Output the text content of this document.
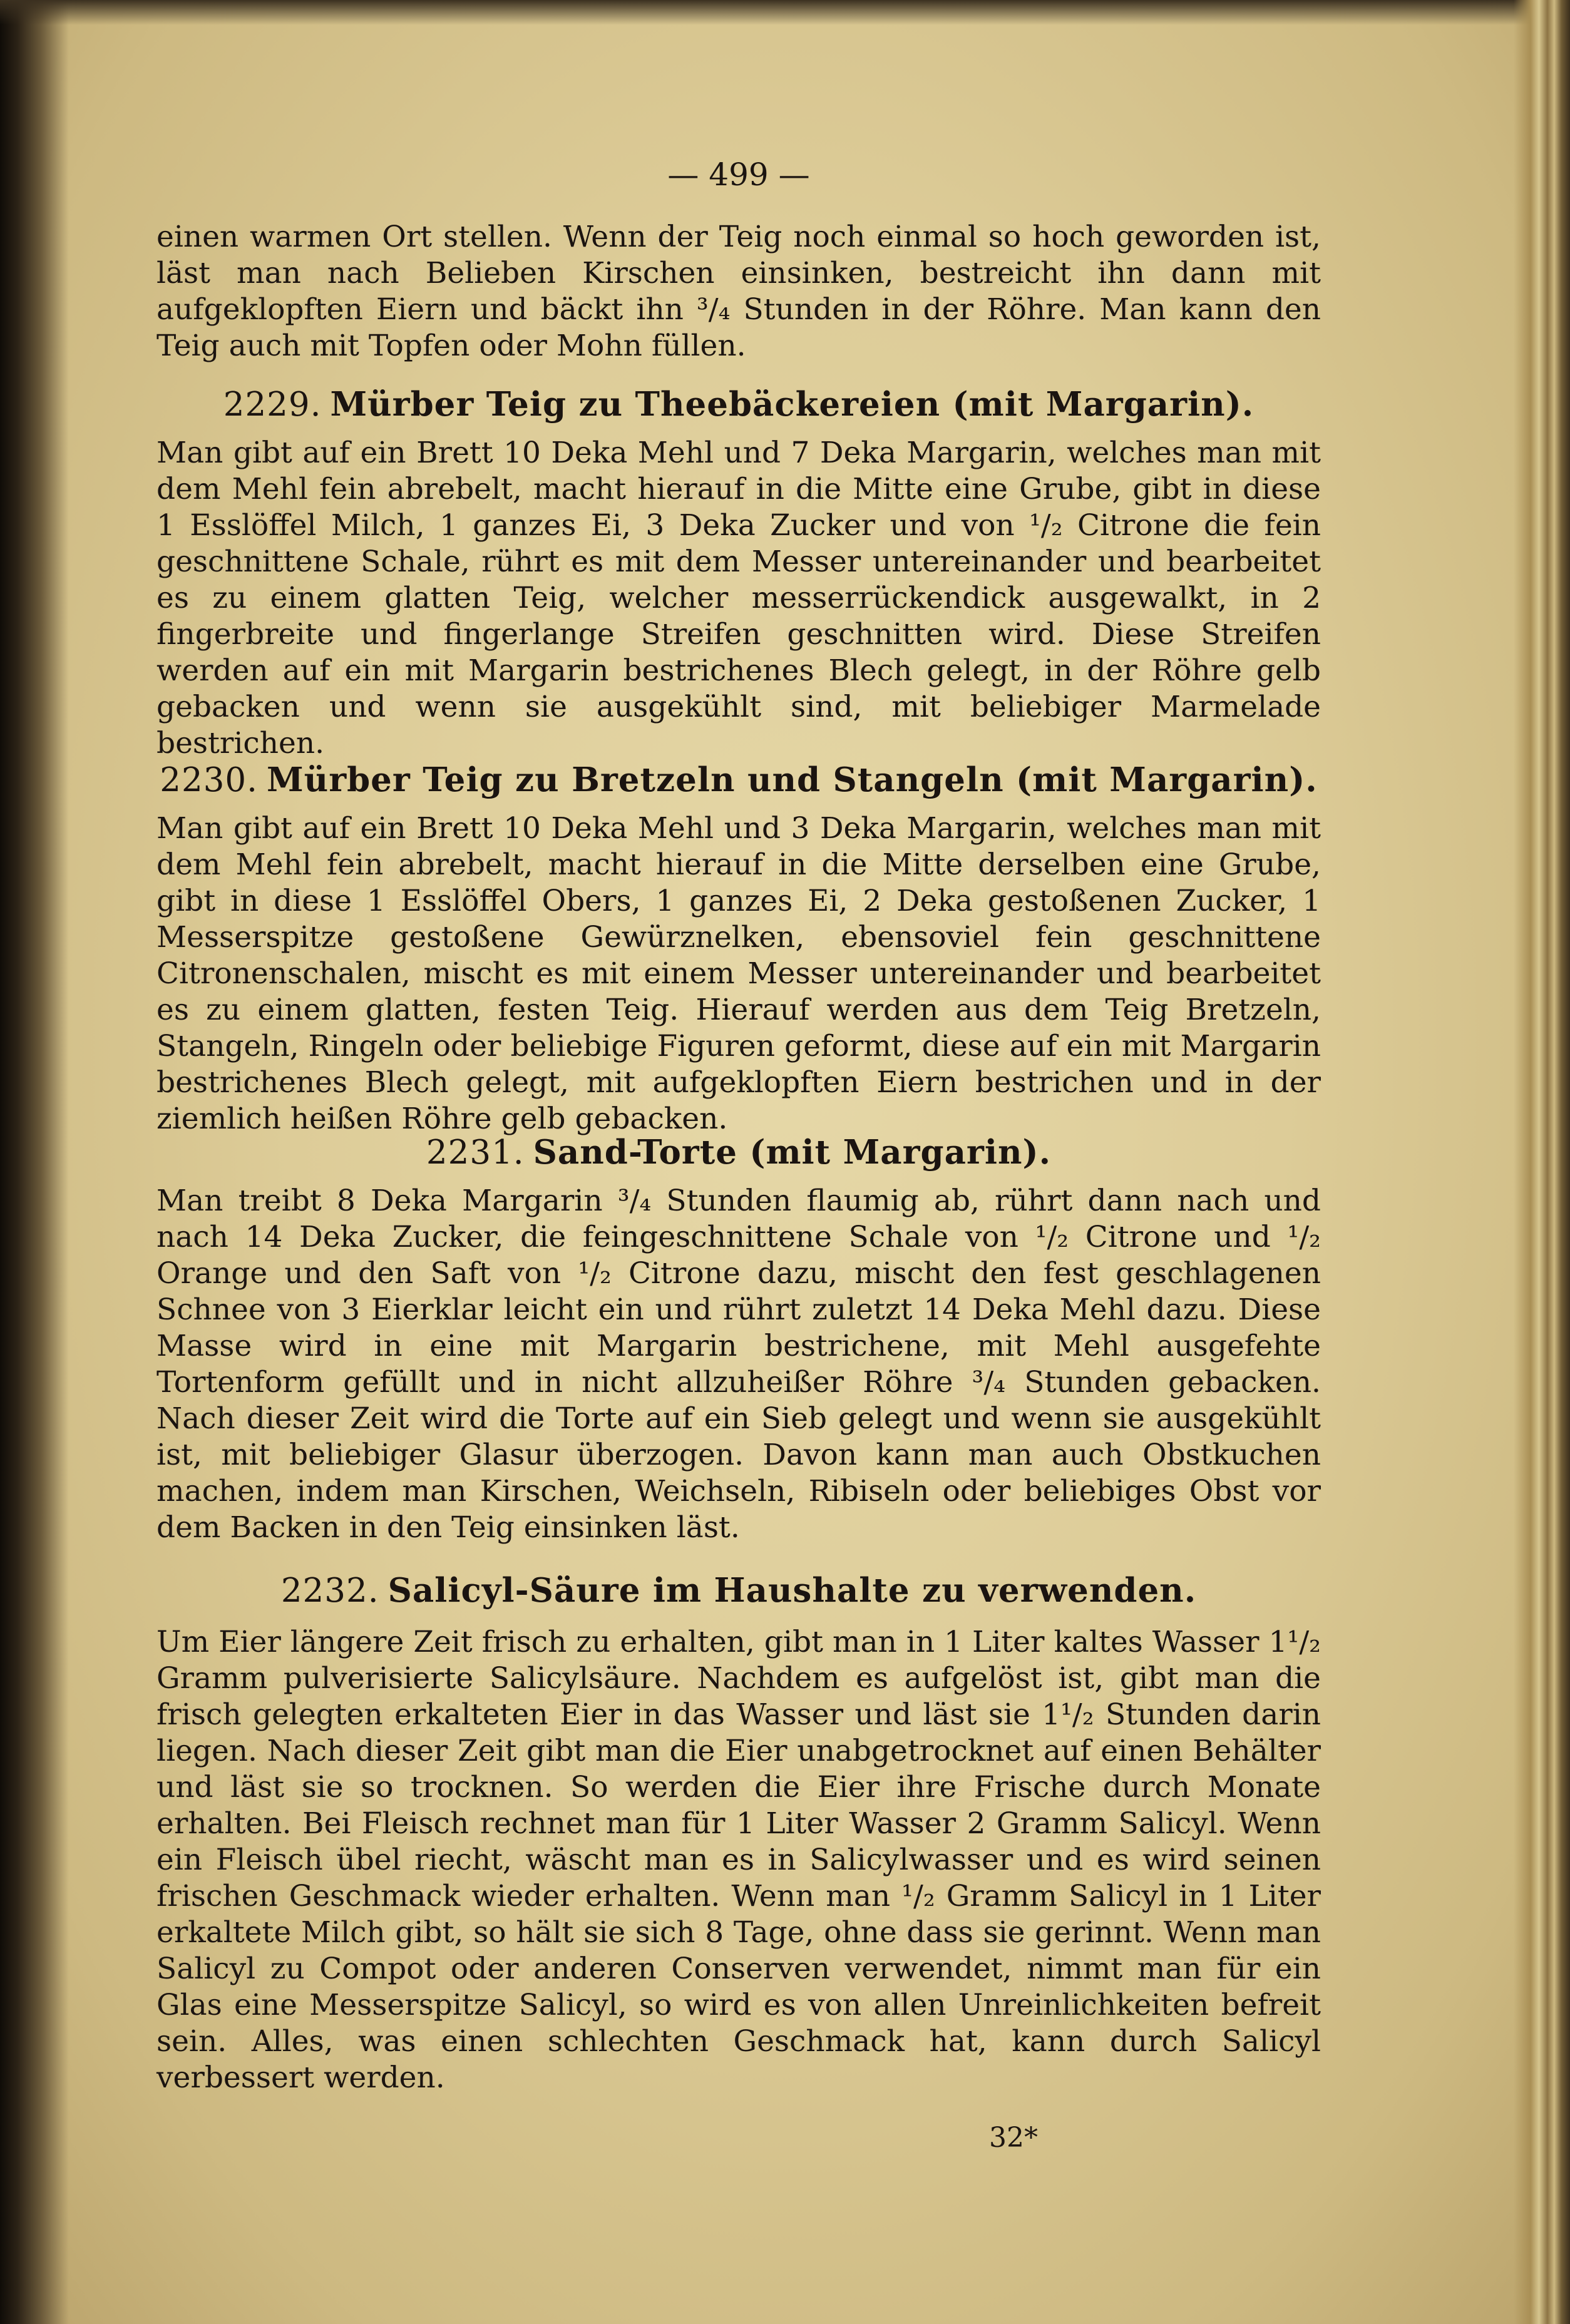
— 499 —

einen warmen Ort stellen. Wenn der Teig noch einmal so hoch geworden ist, läst man nach Belieben Kirschen einsinken, bestreicht ihn dann mit aufgeklopften Eiern und bäckt ihn ³/₄ Stunden in der Röhre. Man kann den Teig auch mit Topfen oder Mohn füllen.

2229. Mürber Teig zu Theebäckereien (mit Margarin).

Man gibt auf ein Brett 10 Deka Mehl und 7 Deka Margarin, welches man mit dem Mehl fein abrebelt, macht hierauf in die Mitte eine Grube, gibt in diese 1 Esslöffel Milch, 1 ganzes Ei, 3 Deka Zucker und von ¹/₂ Citrone die fein geschnittene Schale, rührt es mit dem Messer untereinander und bearbeitet es zu einem glatten Teig, welcher messerrückendick ausgewalkt, in 2 fingerbreite und fingerlange Streifen geschnitten wird. Diese Streifen werden auf ein mit Margarin bestrichenes Blech gelegt, in der Röhre gelb gebacken und wenn sie ausgekühlt sind, mit beliebiger Marmelade bestrichen.

2230. Mürber Teig zu Bretzeln und Stangeln (mit Margarin).

Man gibt auf ein Brett 10 Deka Mehl und 3 Deka Margarin, welches man mit dem Mehl fein abrebelt, macht hierauf in die Mitte derselben eine Grube, gibt in diese 1 Esslöffel Obers, 1 ganzes Ei, 2 Deka gestoßenen Zucker, 1 Messerspitze gestoßene Gewürznelken, ebensoviel fein geschnittene Citronenschalen, mischt es mit einem Messer untereinander und bearbeitet es zu einem glatten, festen Teig. Hierauf werden aus dem Teig Bretzeln, Stangeln, Ringeln oder beliebige Figuren geformt, diese auf ein mit Margarin bestrichenes Blech gelegt, mit aufgeklopften Eiern bestrichen und in der ziemlich heißen Röhre gelb gebacken.

2231. Sand-Torte (mit Margarin).

Man treibt 8 Deka Margarin ³/₄ Stunden flaumig ab, rührt dann nach und nach 14 Deka Zucker, die feingeschnittene Schale von ¹/₂ Citrone und ¹/₂ Orange und den Saft von ¹/₂ Citrone dazu, mischt den fest geschlagenen Schnee von 3 Eierklar leicht ein und rührt zuletzt 14 Deka Mehl dazu. Diese Masse wird in eine mit Margarin bestrichene, mit Mehl ausgefehte Tortenform gefüllt und in nicht allzuheißer Röhre ³/₄ Stunden gebacken. Nach dieser Zeit wird die Torte auf ein Sieb gelegt und wenn sie ausgekühlt ist, mit beliebiger Glasur überzogen. Davon kann man auch Obstkuchen machen, indem man Kirschen, Weichseln, Ribiseln oder beliebiges Obst vor dem Backen in den Teig einsinken läst.

2232. Salicyl-Säure im Haushalte zu verwenden.

Um Eier längere Zeit frisch zu erhalten, gibt man in 1 Liter kaltes Wasser 1¹/₂ Gramm pulverisierte Salicylsäure. Nachdem es aufgelöst ist, gibt man die frisch gelegten erkalteten Eier in das Wasser und läst sie 1¹/₂ Stunden darin liegen. Nach dieser Zeit gibt man die Eier unabgetrocknet auf einen Behälter und läst sie so trocknen. So werden die Eier ihre Frische durch Monate erhalten. Bei Fleisch rechnet man für 1 Liter Wasser 2 Gramm Salicyl. Wenn ein Fleisch übel riecht, wäscht man es in Salicylwasser und es wird seinen frischen Geschmack wieder erhalten. Wenn man ¹/₂ Gramm Salicyl in 1 Liter erkaltete Milch gibt, so hält sie sich 8 Tage, ohne dass sie gerinnt. Wenn man Salicyl zu Compot oder anderen Conserven verwendet, nimmt man für ein Glas eine Messerspitze Salicyl, so wird es von allen Unreinlichkeiten befreit sein. Alles, was einen schlechten Geschmack hat, kann durch Salicyl verbessert werden.

32*
